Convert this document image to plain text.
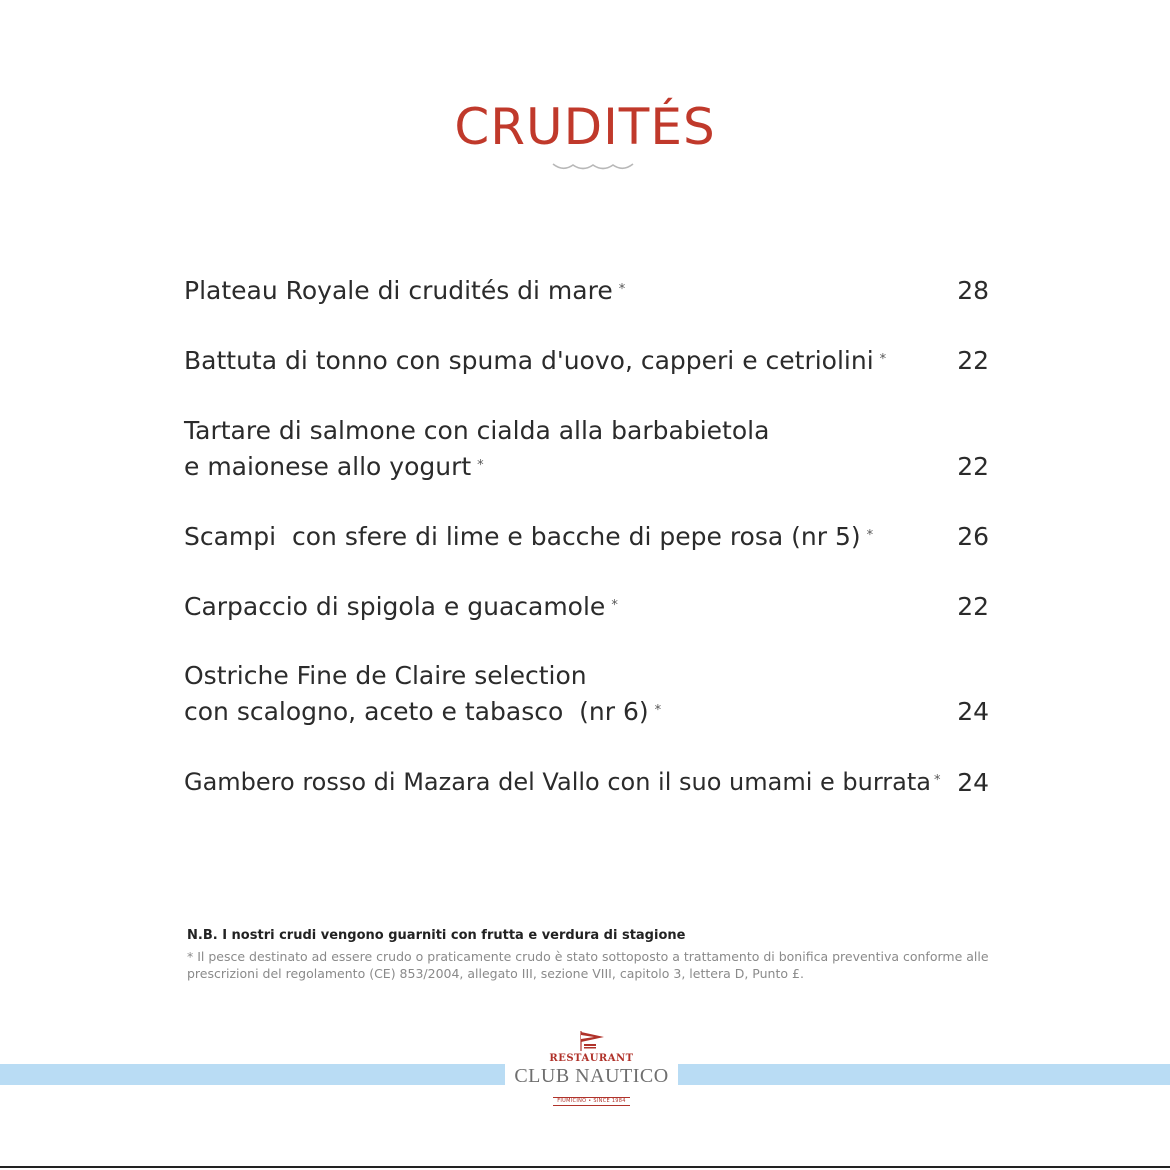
CRUDITÉS
Plateau Royale di crudités di mare *	28
Battuta di tonno con spuma d'uovo, capperi e cetriolini *	22
Tartare di salmone con cialda alla barbabietola
e maionese allo yogurt *	22
Scampi  con sfere di lime e bacche di pepe rosa (nr 5) *	26
Carpaccio di spigola e guacamole *	22
Ostriche Fine de Claire selection
con scalogno, aceto e tabasco  (nr 6) *	24
Gambero rosso di Mazara del Vallo con il suo umami e burrata * 24
N.B. I nostri crudi vengono guarniti con frutta e verdura di stagione
* Il pesce destinato ad essere crudo o praticamente crudo è stato sottoposto a trattamento di bonifica preventiva conforme alle
prescrizioni del regolamento (CE) 853/2004, allegato III, sezione VIII, capitolo 3, lettera D, Punto £.
RESTAURANT
CLUB NAUTICO
FIUMICINO • SINCE 1984
